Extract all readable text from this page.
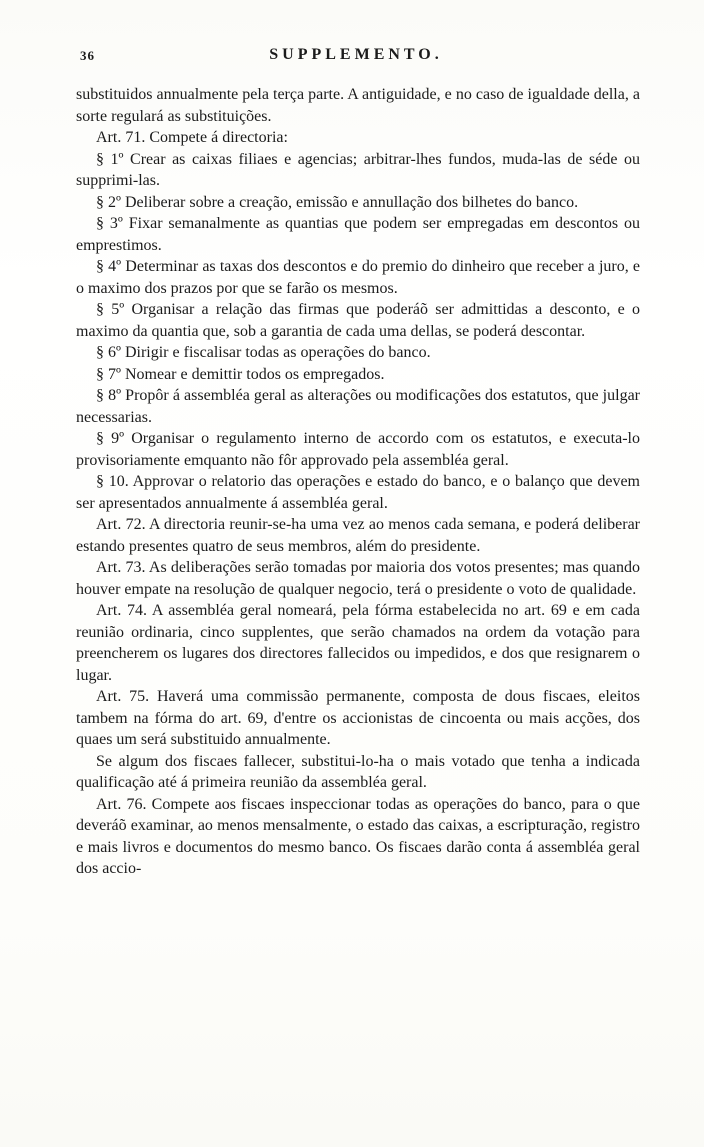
36	SUPPLEMENTO.

substituidos annualmente pela terça parte. A antiguidade, e no caso de igualdade della, a sorte regulará as substituições.

Art. 71. Compete á directoria:

§ 1º Crear as caixas filiaes e agencias; arbitrar-lhes fundos, muda-las de séde ou supprimi-las.

§ 2º Deliberar sobre a creação, emissão e annullação dos bilhetes do banco.

§ 3º Fixar semanalmente as quantias que podem ser empregadas em descontos ou emprestimos.

§ 4º Determinar as taxas dos descontos e do premio do dinheiro que receber a juro, e o maximo dos prazos por que se farão os mesmos.

§ 5º Organisar a relação das firmas que poderáõ ser admittidas a desconto, e o maximo da quantia que, sob a garantia de cada uma dellas, se poderá descontar.

§ 6º Dirigir e fiscalisar todas as operações do banco.

§ 7º Nomear e demittir todos os empregados.

§ 8º Propôr á assembléa geral as alterações ou modificações dos estatutos, que julgar necessarias.

§ 9º Organisar o regulamento interno de accordo com os estatutos, e executa-lo provisoriamente emquanto não fôr approvado pela assembléa geral.

§ 10. Approvar o relatorio das operações e estado do banco, e o balanço que devem ser apresentados annualmente á assembléa geral.

Art. 72. A directoria reunir-se-ha uma vez ao menos cada semana, e poderá deliberar estando presentes quatro de seus membros, além do presidente.

Art. 73. As deliberações serão tomadas por maioria dos votos presentes; mas quando houver empate na resolução de qualquer negocio, terá o presidente o voto de qualidade.

Art. 74. A assembléa geral nomeará, pela fórma estabelecida no art. 69 e em cada reunião ordinaria, cinco supplentes, que serão chamados na ordem da votação para preencherem os lugares dos directores fallecidos ou impedidos, e dos que resignarem o lugar.

Art. 75. Haverá uma commissão permanente, composta de dous fiscaes, eleitos tambem na fórma do art. 69, d'entre os accionistas de cincoenta ou mais acções, dos quaes um será substituido annualmente.

Se algum dos fiscaes fallecer, substitui-lo-ha o mais votado que tenha a indicada qualificação até á primeira reunião da assembléa geral.

Art. 76. Compete aos fiscaes inspeccionar todas as operações do banco, para o que deveráõ examinar, ao menos mensalmente, o estado das caixas, a escripturação, registro e mais livros e documentos do mesmo banco. Os fiscaes darão conta á assembléa geral dos accio-
